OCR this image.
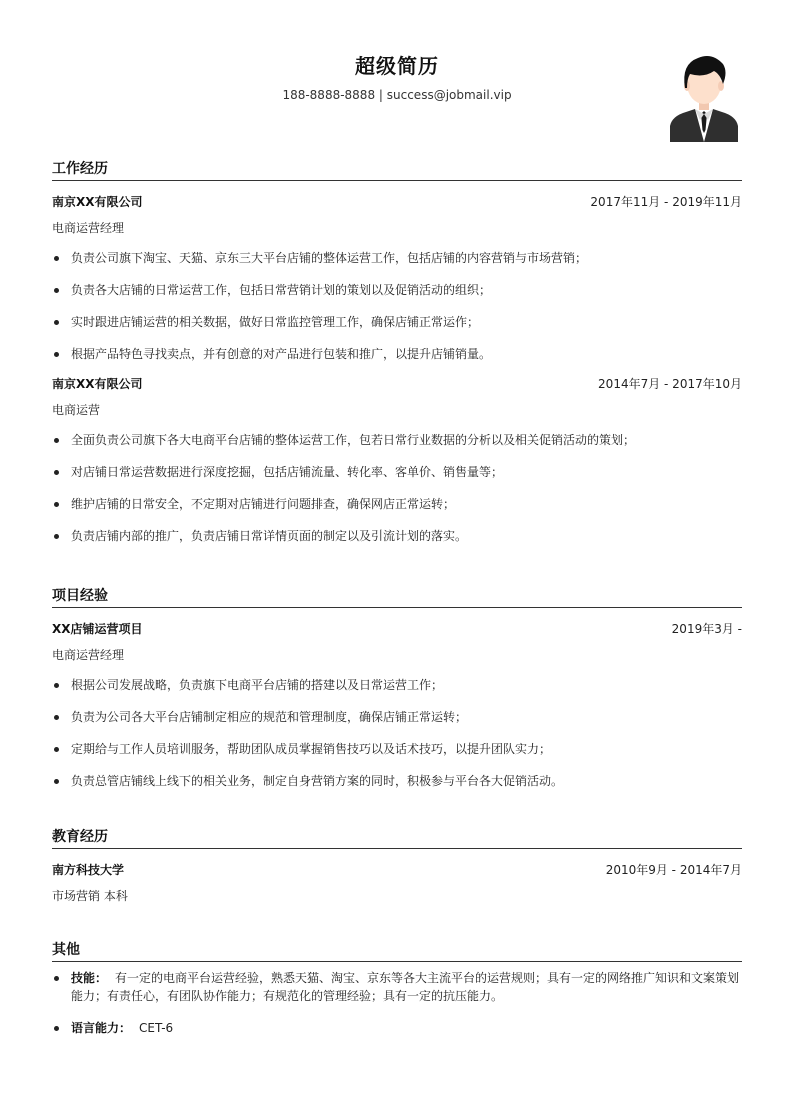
超级简历
188-8888-8888 | success@jobmail.vip
工作经历
南京XX有限公司	2017年11月 - 2019年11月
电商运营经理
负责公司旗下淘宝、天猫、京东三大平台店铺的整体运营工作，包括店铺的内容营销与市场营销；
负责各大店铺的日常运营工作，包括日常营销计划的策划以及促销活动的组织；
实时跟进店铺运营的相关数据，做好日常监控管理工作，确保店铺正常运作；
根据产品特色寻找卖点，并有创意的对产品进行包装和推广，以提升店铺销量。
南京XX有限公司	2014年7月 - 2017年10月
电商运营
全面负责公司旗下各大电商平台店铺的整体运营工作，包若日常行业数据的分析以及相关促销活动的策划；
对店铺日常运营数据进行深度挖掘，包括店铺流量、转化率、客单价、销售量等；
维护店铺的日常安全，不定期对店铺进行问题排查，确保网店正常运转；
负责店铺内部的推广，负责店铺日常详情页面的制定以及引流计划的落实。
项目经验
XX店铺运营项目	2019年3月 -
电商运营经理
根据公司发展战略，负责旗下电商平台店铺的搭建以及日常运营工作；
负责为公司各大平台店铺制定相应的规范和管理制度，确保店铺正常运转；
定期给与工作人员培训服务，帮助团队成员掌握销售技巧以及话术技巧，以提升团队实力；
负责总管店铺线上线下的相关业务，制定自身营销方案的同时，积极参与平台各大促销活动。
教育经历
南方科技大学	2010年9月 - 2014年7月
市场营销 本科
其他
技能： 有一定的电商平台运营经验，熟悉天猫、淘宝、京东等各大主流平台的运营规则；具有一定的网络推广知识和文案策划能力；有责任心，有团队协作能力；有规范化的管理经验；具有一定的抗压能力。
语言能力： CET-6
